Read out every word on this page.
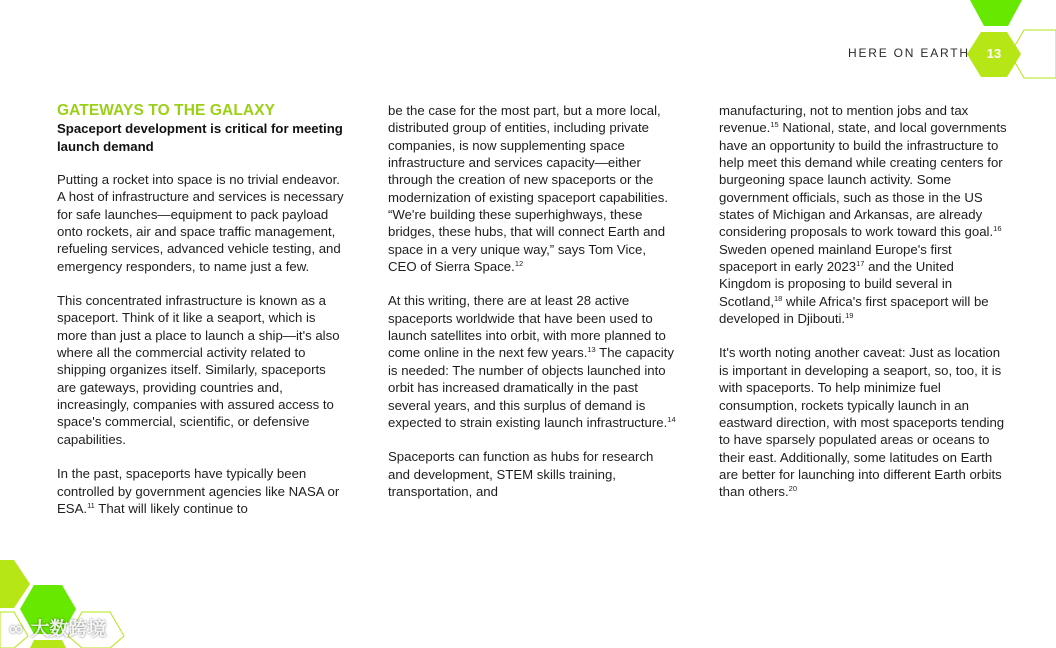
HERE ON EARTH	13
GATEWAYS TO THE GALAXY

Spaceport development is critical for meeting launch demand

Putting a rocket into space is no trivial endeavor. A host of infrastructure and services is necessary for safe launches—equipment to pack payload onto rockets, air and space traffic management, refueling services, advanced vehicle testing, and emergency responders, to name just a few.

This concentrated infrastructure is known as a spaceport. Think of it like a seaport, which is more than just a place to launch a ship—it's also where all the commercial activity related to shipping organizes itself. Similarly, spaceports are gateways, providing countries and, increasingly, companies with assured access to space's commercial, scientific, or defensive capabilities.

In the past, spaceports have typically been controlled by government agencies like NASA or ESA.$^{11}$ That will likely continue to

be the case for the most part, but a more local, distributed group of entities, including private companies, is now supplementing space infrastructure and services capacity—either through the creation of new spaceports or the modernization of existing spaceport capabilities. “We're building these superhighways, these bridges, these hubs, that will connect Earth and space in a very unique way,” says Tom Vice, CEO of Sierra Space.$^{12}$

At this writing, there are at least 28 active spaceports worldwide that have been used to launch satellites into orbit, with more planned to come online in the next few years.$^{13}$ The capacity is needed: The number of objects launched into orbit has increased dramatically in the past several years, and this surplus of demand is expected to strain existing launch infrastructure.$^{14}$

Spaceports can function as hubs for research and development, STEM skills training, transportation, and

manufacturing, not to mention jobs and tax revenue.$^{15}$ National, state, and local governments have an opportunity to build the infrastructure to help meet this demand while creating centers for burgeoning space launch activity. Some government officials, such as those in the US states of Michigan and Arkansas, are already considering proposals to work toward this goal.$^{16}$ Sweden opened mainland Europe's first spaceport in early 2023$^{17}$ and the United Kingdom is proposing to build several in Scotland,$^{18}$ while Africa's first spaceport will be developed in Djibouti.$^{19}$

It's worth noting another caveat: Just as location is important in developing a seaport, so, too, it is with spaceports. To help minimize fuel consumption, rockets typically launch in an eastward direction, with most spaceports tending to have sparsely populated areas or oceans to their east. Additionally, some latitudes on Earth are better for launching into different Earth orbits than others.$^{20}$

∞ 大数跨境
